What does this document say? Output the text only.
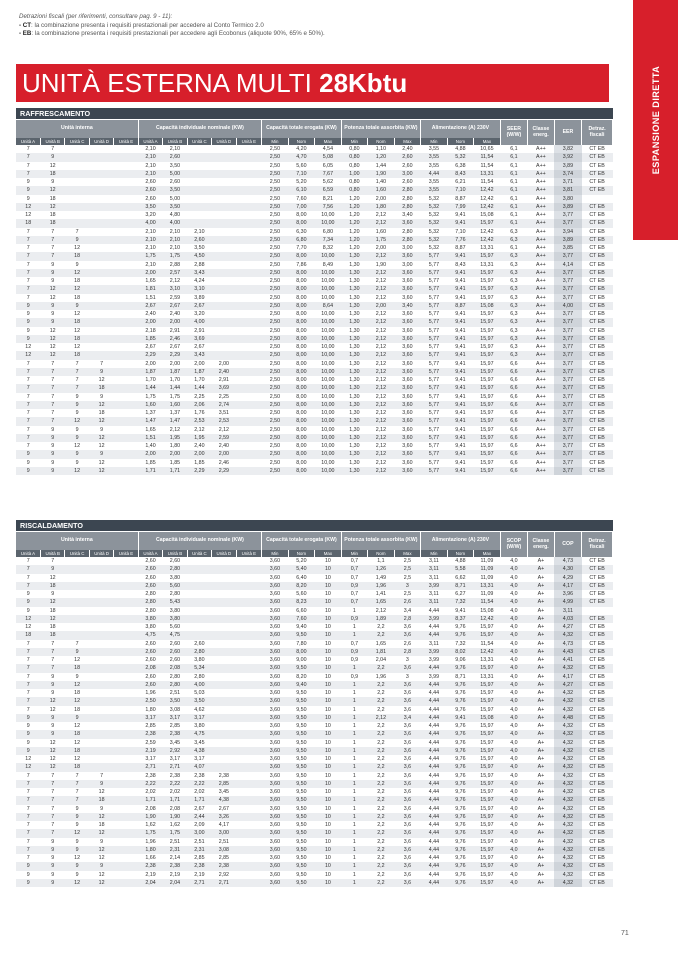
Detrazioni fiscali (per riferimenti, consultare pag. 9 - 11):
- CT: la combinazione presenta i requisiti prestazionali per accedere al Conto Termico 2.0
- EB: la combinazione presenta i requisiti prestazionali per accedere agli Ecobonus (aliquote 90%, 65% e 50%).
ESPANSIONE DIRETTA
UNITÀ ESTERNA MULTI 28Kbtu
RAFFRESCAMENTO
Unità interna					Capacità individuale nominale (KW)					Capacità totale erogata (KW)			Potenza totale assorbita (KW)			Alimentazione (A) 230V			SEER (W/W)	Classe energ.	EER	Detraz. fiscali
Unità A	Unità B	Unità C	Unità D	Unità E	Unità A	Unità B	Unità C	Unità D	Unità E	Min	Nom	Max	Min	Nom	Max	Min	Nom	Max				
7	7				2,10	2,10				2,50	4,20	4,54	0,80	1,10	2,40	3,55	4,88	10,65	6,1	A++	3,82	CT EB
7	9				2,10	2,60				2,50	4,70	5,08	0,80	1,20	2,60	3,55	5,32	11,54	6,1	A++	3,92	CT EB
7	12				2,10	3,50				2,50	5,60	6,05	0,80	1,44	2,60	3,55	6,38	11,54	6,1	A++	3,89	CT EB
7	18				2,10	5,00				2,50	7,10	7,67	1,00	1,90	3,00	4,44	8,43	13,31	6,1	A++	3,74	CT EB
9	9				2,60	2,60				2,50	5,20	5,62	0,80	1,40	2,60	3,55	6,21	11,54	6,1	A++	3,71	CT EB
9	12				2,60	3,50				2,50	6,10	6,59	0,80	1,60	2,80	3,55	7,10	12,42	6,1	A++	3,81	CT EB
9	18				2,60	5,00				2,50	7,60	8,21	1,20	2,00	2,80	5,32	8,87	12,42	6,1	A++	3,80	
12	12				3,50	3,50				2,50	7,00	7,56	1,20	1,80	2,80	5,32	7,99	12,42	6,1	A++	3,89	CT EB
12	18				3,20	4,80				2,50	8,00	10,00	1,20	2,12	3,40	5,32	9,41	15,08	6,1	A++	3,77	CT EB
18	18				4,00	4,00				2,50	8,00	10,00	1,20	2,12	3,60	5,32	9,41	15,97	6,1	A++	3,77	CT EB
7	7	7			2,10	2,10	2,10			2,50	6,30	6,80	1,20	1,60	2,80	5,32	7,10	12,42	6,3	A++	3,94	CT EB
7	7	9			2,10	2,10	2,60			2,50	6,80	7,34	1,20	1,75	2,80	5,32	7,76	12,42	6,3	A++	3,89	CT EB
7	7	12			2,10	2,10	3,50			2,50	7,70	8,32	1,20	2,00	3,00	5,32	8,87	13,31	6,1	A++	3,85	CT EB
7	7	18			1,75	1,75	4,50			2,50	8,00	10,00	1,30	2,12	3,60	5,77	9,41	15,97	6,3	A++	3,77	CT EB
7	9	9			2,10	2,88	2,88			2,50	7,86	8,49	1,30	1,90	3,00	5,77	8,43	13,31	6,3	A++	4,14	CT EB
7	9	12			2,00	2,57	3,43			2,50	8,00	10,00	1,30	2,12	3,60	5,77	9,41	15,97	6,3	A++	3,77	CT EB
7	9	18			1,65	2,12	4,24			2,50	8,00	10,00	1,30	2,12	3,60	5,77	9,41	15,97	6,3	A++	3,77	CT EB
7	12	12			1,81	3,10	3,10			2,50	8,00	10,00	1,30	2,12	3,60	5,77	9,41	15,97	6,3	A++	3,77	CT EB
7	12	18			1,51	2,59	3,89			2,50	8,00	10,00	1,30	2,12	3,60	5,77	9,41	15,97	6,3	A++	3,77	CT EB
9	9	9			2,67	2,67	2,67			2,50	8,00	8,64	1,30	2,00	3,40	5,77	8,87	15,08	6,3	A++	4,00	CT EB
9	9	12			2,40	2,40	3,20			2,50	8,00	10,00	1,30	2,12	3,60	5,77	9,41	15,97	6,3	A++	3,77	CT EB
9	9	18			2,00	2,00	4,00			2,50	8,00	10,00	1,30	2,12	3,60	5,77	9,41	15,97	6,3	A++	3,77	CT EB
9	12	12			2,18	2,91	2,91			2,50	8,00	10,00	1,30	2,12	3,60	5,77	9,41	15,97	6,3	A++	3,77	CT EB
9	12	18			1,85	2,46	3,69			2,50	8,00	10,00	1,30	2,12	3,60	5,77	9,41	15,97	6,3	A++	3,77	CT EB
12	12	12			2,67	2,67	2,67			2,50	8,00	10,00	1,30	2,12	3,60	5,77	9,41	15,97	6,3	A++	3,77	CT EB
12	12	18			2,29	2,29	3,43			2,50	8,00	10,00	1,30	2,12	3,60	5,77	9,41	15,97	6,3	A++	3,77	CT EB
7	7	7	7		2,00	2,00	2,00	2,00		2,50	8,00	10,00	1,30	2,12	3,60	5,77	9,41	15,97	6,6	A++	3,77	CT EB
7	7	7	9		1,87	1,87	1,87	2,40		2,50	8,00	10,00	1,30	2,12	3,60	5,77	9,41	15,97	6,6	A++	3,77	CT EB
7	7	7	12		1,70	1,70	1,70	2,91		2,50	8,00	10,00	1,30	2,12	3,60	5,77	9,41	15,97	6,6	A++	3,77	CT EB
7	7	7	18		1,44	1,44	1,44	3,69		2,50	8,00	10,00	1,30	2,12	3,60	5,77	9,41	15,97	6,6	A++	3,77	CT EB
7	7	9	9		1,75	1,75	2,25	2,25		2,50	8,00	10,00	1,30	2,12	3,60	5,77	9,41	15,97	6,6	A++	3,77	CT EB
7	7	9	12		1,60	1,60	2,06	2,74		2,50	8,00	10,00	1,30	2,12	3,60	5,77	9,41	15,97	6,6	A++	3,77	CT EB
7	7	9	18		1,37	1,37	1,76	3,51		2,50	8,00	10,00	1,30	2,12	3,60	5,77	9,41	15,97	6,6	A++	3,77	CT EB
7	7	12	12		1,47	1,47	2,53	2,53		2,50	8,00	10,00	1,30	2,12	3,60	5,77	9,41	15,97	6,6	A++	3,77	CT EB
7	9	9	9		1,65	2,12	2,12	2,12		2,50	8,00	10,00	1,30	2,12	3,60	5,77	9,41	15,97	6,6	A++	3,77	CT EB
7	9	9	12		1,51	1,95	1,95	2,59		2,50	8,00	10,00	1,30	2,12	3,60	5,77	9,41	15,97	6,6	A++	3,77	CT EB
7	9	12	12		1,40	1,80	2,40	2,40		2,50	8,00	10,00	1,30	2,12	3,60	5,77	9,41	15,97	6,6	A++	3,77	CT EB
9	9	9	9		2,00	2,00	2,00	2,00		2,50	8,00	10,00	1,30	2,12	3,60	5,77	9,41	15,97	6,6	A++	3,77	CT EB
9	9	9	12		1,85	1,85	1,85	2,46		2,50	8,00	10,00	1,30	2,12	3,60	5,77	9,41	15,97	6,6	A++	3,77	CT EB
9	9	12	12		1,71	1,71	2,29	2,29		2,50	8,00	10,00	1,30	2,12	3,60	5,77	9,41	15,97	6,6	A++	3,77	CT EB
RISCALDAMENTO
Unità interna					Capacità individuale nominale (KW)					Capacità totale erogata (KW)			Potenza totale assorbita (KW)			Alimentazione (A) 230V			SCOP (W/W)	Classe energ.	COP	Detraz. fiscali
Unità A	Unità B	Unità C	Unità D	Unità E	Unità A	Unità B	Unità C	Unità D	Unità E	Min	Nom	Max	Min	Nom	Max	Min	Nom	Max				
7	7				2,60	2,60				3,60	5,20	10	0,7	1,1	2,5	3,11	4,88	11,09	4,0	A+	4,73	CT EB
7	9				2,60	2,80				3,60	5,40	10	0,7	1,26	2,5	3,11	5,58	11,09	4,0	A+	4,30	CT EB
7	12				2,60	3,80				3,60	6,40	10	0,7	1,49	2,5	3,11	6,62	11,09	4,0	A+	4,29	CT EB
7	18				2,60	5,60				3,60	8,20	10	0,9	1,96	3	3,99	8,71	13,31	4,0	A+	4,17	CT EB
9	9				2,80	2,80				3,60	5,60	10	0,7	1,41	2,5	3,11	6,27	11,09	4,0	A+	3,96	CT EB
9	12				2,80	5,43				3,60	8,23	10	0,7	1,65	2,6	3,11	7,32	11,54	4,0	A+	4,99	CT EB
9	18				2,80	3,80				3,60	6,60	10	1	2,12	3,4	4,44	9,41	15,08	4,0	A+	3,11	
12	12				3,80	3,80				3,60	7,60	10	0,9	1,89	2,8	3,99	8,37	12,42	4,0	A+	4,03	CT EB
12	18				3,80	5,60				3,60	9,40	10	1	2,2	3,6	4,44	9,76	15,97	4,0	A+	4,27	CT EB
18	18				4,75	4,75				3,60	9,50	10	1	2,2	3,6	4,44	9,76	15,97	4,0	A+	4,32	CT EB
7	7	7			2,60	2,60	2,60			3,60	7,80	10	0,7	1,65	2,6	3,11	7,32	11,54	4,0	A+	4,73	CT EB
7	7	9			2,60	2,60	2,80			3,60	8,00	10	0,9	1,81	2,8	3,99	8,02	12,42	4,0	A+	4,43	CT EB
7	7	12			2,60	2,60	3,80			3,60	9,00	10	0,9	2,04	3	3,99	9,06	13,31	4,0	A+	4,41	CT EB
7	7	18			2,08	2,08	5,34			3,60	9,50	10	1	2,2	3,6	4,44	9,76	15,97	4,0	A+	4,32	CT EB
7	9	9			2,60	2,80	2,80			3,60	8,20	10	0,9	1,96	3	3,99	8,71	13,31	4,0	A+	4,17	CT EB
7	9	12			2,60	2,80	4,00			3,60	9,40	10	1	2,2	3,6	4,44	9,76	15,97	4,0	A+	4,27	CT EB
7	9	18			1,96	2,51	5,03			3,60	9,50	10	1	2,2	3,6	4,44	9,76	15,97	4,0	A+	4,32	CT EB
7	12	12			2,50	3,50	3,50			3,60	9,50	10	1	2,2	3,6	4,44	9,76	15,97	4,0	A+	4,32	CT EB
7	12	18			1,80	3,08	4,62			3,60	9,50	10	1	2,2	3,6	4,44	9,76	15,97	4,0	A+	4,32	CT EB
9	9	9			3,17	3,17	3,17			3,60	9,50	10	1	2,12	3,4	4,44	9,41	15,08	4,0	A+	4,48	CT EB
9	9	12			2,85	2,85	3,80			3,60	9,50	10	1	2,2	3,6	4,44	9,76	15,97	4,0	A+	4,32	CT EB
9	9	18			2,38	2,38	4,75			3,60	9,50	10	1	2,2	3,6	4,44	9,76	15,97	4,0	A+	4,32	CT EB
9	12	12			2,59	3,45	3,45			3,60	9,50	10	1	2,2	3,6	4,44	9,76	15,97	4,0	A+	4,32	CT EB
9	12	18			2,19	2,92	4,38			3,60	9,50	10	1	2,2	3,6	4,44	9,76	15,97	4,0	A+	4,32	CT EB
12	12	12			3,17	3,17	3,17			3,60	9,50	10	1	2,2	3,6	4,44	9,76	15,97	4,0	A+	4,32	CT EB
12	12	18			2,71	2,71	4,07			3,60	9,50	10	1	2,2	3,6	4,44	9,76	15,97	4,0	A+	4,32	CT EB
7	7	7	7		2,38	2,38	2,38	2,38		3,60	9,50	10	1	2,2	3,6	4,44	9,76	15,97	4,0	A+	4,32	CT EB
7	7	7	9		2,22	2,22	2,22	2,85		3,60	9,50	10	1	2,2	3,6	4,44	9,76	15,97	4,0	A+	4,32	CT EB
7	7	7	12		2,02	2,02	2,02	3,45		3,60	9,50	10	1	2,2	3,6	4,44	9,76	15,97	4,0	A+	4,32	CT EB
7	7	7	18		1,71	1,71	1,71	4,38		3,60	9,50	10	1	2,2	3,6	4,44	9,76	15,97	4,0	A+	4,32	CT EB
7	7	9	9		2,08	2,08	2,67	2,67		3,60	9,50	10	1	2,2	3,6	4,44	9,76	15,97	4,0	A+	4,32	CT EB
7	7	9	12		1,90	1,90	2,44	3,26		3,60	9,50	10	1	2,2	3,6	4,44	9,76	15,97	4,0	A+	4,32	CT EB
7	7	9	18		1,62	1,62	2,09	4,17		3,60	9,50	10	1	2,2	3,6	4,44	9,76	15,97	4,0	A+	4,32	CT EB
7	7	12	12		1,75	1,75	3,00	3,00		3,60	9,50	10	1	2,2	3,6	4,44	9,76	15,97	4,0	A+	4,32	CT EB
7	9	9	9		1,96	2,51	2,51	2,51		3,60	9,50	10	1	2,2	3,6	4,44	9,76	15,97	4,0	A+	4,32	CT EB
7	9	9	12		1,80	2,31	2,31	3,08		3,60	9,50	10	1	2,2	3,6	4,44	9,76	15,97	4,0	A+	4,32	CT EB
7	9	12	12		1,66	2,14	2,85	2,85		3,60	9,50	10	1	2,2	3,6	4,44	9,76	15,97	4,0	A+	4,32	CT EB
9	9	9	9		2,38	2,38	2,38	2,38		3,60	9,50	10	1	2,2	3,6	4,44	9,76	15,97	4,0	A+	4,32	CT EB
9	9	9	12		2,19	2,19	2,19	2,92		3,60	9,50	10	1	2,2	3,6	4,44	9,76	15,97	4,0	A+	4,32	CT EB
9	9	12	12		2,04	2,04	2,71	2,71		3,60	9,50	10	1	2,2	3,6	4,44	9,76	15,97	4,0	A+	4,32	CT EB
71
